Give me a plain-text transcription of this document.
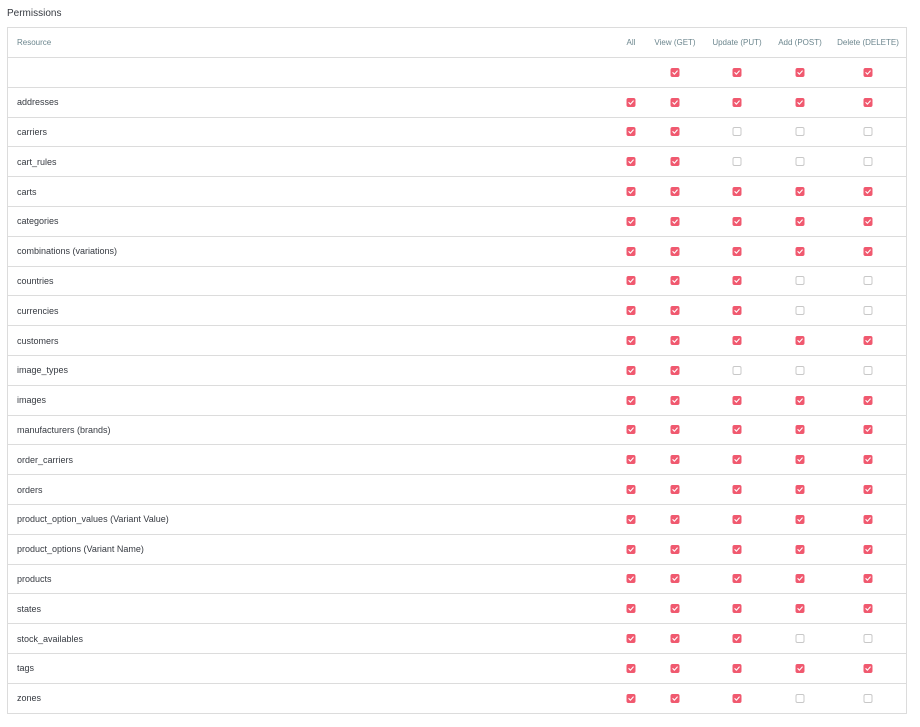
Permissions
Resource	All View (GET) Update (PUT) Add (POST) Delete (DELETE)
addresses
carriers
cart_rules
carts
categories
combinations (variations)
countries
currencies
customers
image_types
images
manufacturers (brands)
order_carriers
orders
product_option_values (Variant Value)
product_options (Variant Name)
products
states
stock_availables
tags
zones
